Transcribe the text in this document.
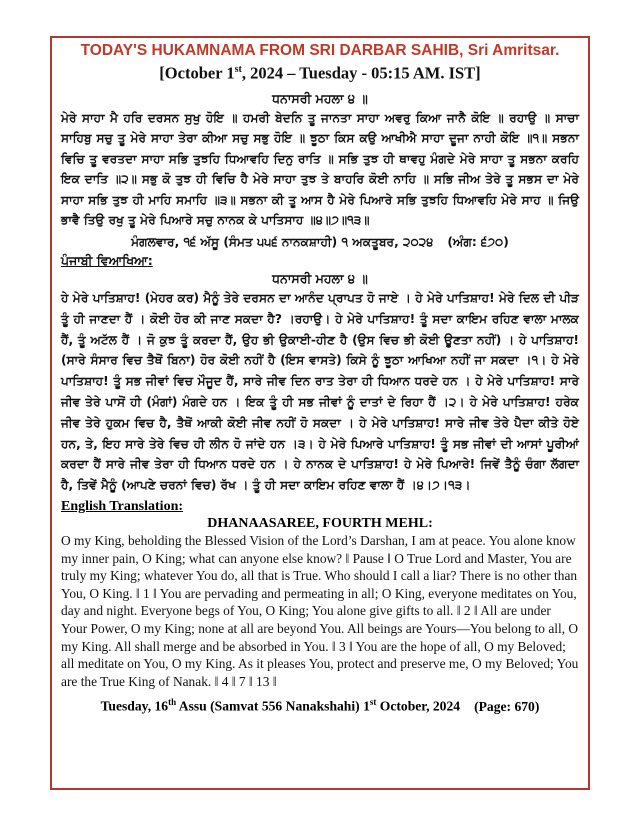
TODAY'S HUKAMNAMA FROM SRI DARBAR SAHIB, Sri Amritsar.

[October 1st, 2024 – Tuesday - 05:15 AM. IST]

ਧਨਾਸਰੀ ਮਹਲਾ ੪ ॥

ਮੇਰੇ ਸਾਹਾ ਮੈ ਹਰਿ ਦਰਸਨ ਸੁਖੁ ਹੋਇ ॥ ਹਮਰੀ ਬੇਦਨਿ ਤੂ ਜਾਨਤਾ ਸਾਹਾ ਅਵਰੁ ਕਿਆ ਜਾਨੈ ਕੋਇ ॥ ਰਹਾਉ ॥ ਸਾਚਾ ਸਾਹਿਬੁ ਸਚੁ ਤੂ ਮੇਰੇ ਸਾਹਾ ਤੇਰਾ ਕੀਆ ਸਚੁ ਸਭੁ ਹੋਇ ॥ ਝੂਠਾ ਕਿਸ ਕਉ ਆਖੀਐ ਸਾਹਾ ਦੂਜਾ ਨਾਹੀ ਕੋਇ ॥੧॥ ਸਭਨਾ ਵਿਚਿ ਤੂ ਵਰਤਦਾ ਸਾਹਾ ਸਭਿ ਤੁਝਹਿ ਧਿਆਵਹਿ ਦਿਨੁ ਰਾਤਿ ॥ ਸਭਿ ਤੁਝ ਹੀ ਥਾਵਹੁ ਮੰਗਦੇ ਮੇਰੇ ਸਾਹਾ ਤੂ ਸਭਨਾ ਕਰਹਿ ਇਕ ਦਾਤਿ ॥੨॥ ਸਭੁ ਕੋ ਤੁਝ ਹੀ ਵਿਚਿ ਹੈ ਮੇਰੇ ਸਾਹਾ ਤੁਝ ਤੇ ਬਾਹਰਿ ਕੋਈ ਨਾਹਿ ॥ ਸਭਿ ਜੀਅ ਤੇਰੇ ਤੂ ਸਭਸ ਦਾ ਮੇਰੇ ਸਾਹਾ ਸਭਿ ਤੁਝ ਹੀ ਮਾਹਿ ਸਮਾਹਿ ॥੩॥ ਸਭਨਾ ਕੀ ਤੂ ਆਸ ਹੈ ਮੇਰੇ ਪਿਆਰੇ ਸਭਿ ਤੁਝਹਿ ਧਿਆਵਹਿ ਮੇਰੇ ਸਾਹ ॥ ਜਿਉ ਭਾਵੈ ਤਿਉ ਰਖੁ ਤੂ ਮੇਰੇ ਪਿਆਰੇ ਸਚੁ ਨਾਨਕ ਕੇ ਪਾਤਿਸਾਹ ॥੪॥੭॥੧੩॥

ਮੰਗਲਵਾਰ, ੧੬ ਅੱਸੂ (ਸੰਮਤ ੫੫੬ ਨਾਨਕਸ਼ਾਹੀ) ੧ ਅਕਤੂਬਰ, ੨੦੨੪ (ਅੰਗ: ੬੭੦)

ਪੰਜਾਬੀ ਵਿਆਖਿਆ:

ਧਨਾਸਰੀ ਮਹਲਾ ੪ ॥

ਹੇ ਮੇਰੇ ਪਾਤਿਸ਼ਾਹ! (ਮੇਹਰ ਕਰ) ਮੈਨੂੰ ਤੇਰੇ ਦਰਸਨ ਦਾ ਆਨੰਦ ਪ੍ਰਾਪਤ ਹੋ ਜਾਏ । ਹੇ ਮੇਰੇ ਪਾਤਿਸ਼ਾਹ! ਮੇਰੇ ਦਿਲ ਦੀ ਪੀੜ ਤੂੰ ਹੀ ਜਾਣਦਾ ਹੈਂ । ਕੋਈ ਹੋਰ ਕੀ ਜਾਣ ਸਕਦਾ ਹੈ? ।ਰਹਾਉ। ਹੇ ਮੇਰੇ ਪਾਤਿਸ਼ਾਹ! ਤੂੰ ਸਦਾ ਕਾਇਮ ਰਹਿਣ ਵਾਲਾ ਮਾਲਕ ਹੈਂ, ਤੂੰ ਅਟੱਲ ਹੈਂ । ਜੋ ਕੁਝ ਤੂੰ ਕਰਦਾ ਹੈਂ, ਉਹ ਭੀ ਉਕਾਈ-ਹੀਣ ਹੈ (ਉਸ ਵਿਚ ਭੀ ਕੋਈ ਊਣਤਾ ਨਹੀਂ) । ਹੇ ਪਾਤਿਸ਼ਾਹ! (ਸਾਰੇ ਸੰਸਾਰ ਵਿਚ ਤੈਥੋਂ ਬਿਨਾ) ਹੋਰ ਕੋਈ ਨਹੀਂ ਹੈ (ਇਸ ਵਾਸਤੇ) ਕਿਸੇ ਨੂੰ ਝੂਠਾ ਆਖਿਆ ਨਹੀਂ ਜਾ ਸਕਦਾ ।੧। ਹੇ ਮੇਰੇ ਪਾਤਿਸ਼ਾਹ! ਤੂੰ ਸਭ ਜੀਵਾਂ ਵਿਚ ਮੌਜੂਦ ਹੈਂ, ਸਾਰੇ ਜੀਵ ਦਿਨ ਰਾਤ ਤੇਰਾ ਹੀ ਧਿਆਨ ਧਰਦੇ ਹਨ । ਹੇ ਮੇਰੇ ਪਾਤਿਸ਼ਾਹ! ਸਾਰੇ ਜੀਵ ਤੇਰੇ ਪਾਸੋਂ ਹੀ (ਮੰਗਾਂ) ਮੰਗਦੇ ਹਨ । ਇਕ ਤੂੰ ਹੀ ਸਭ ਜੀਵਾਂ ਨੂੰ ਦਾਤਾਂ ਦੇ ਰਿਹਾ ਹੈਂ ।੨। ਹੇ ਮੇਰੇ ਪਾਤਿਸ਼ਾਹ! ਹਰੇਕ ਜੀਵ ਤੇਰੇ ਹੁਕਮ ਵਿਚ ਹੈ, ਤੈਥੋਂ ਆਕੀ ਕੋਈ ਜੀਵ ਨਹੀਂ ਹੋ ਸਕਦਾ । ਹੇ ਮੇਰੇ ਪਾਤਿਸ਼ਾਹ! ਸਾਰੇ ਜੀਵ ਤੇਰੇ ਪੈਦਾ ਕੀਤੇ ਹੋਏ ਹਨ, ਤੇ, ਇਹ ਸਾਰੇ ਤੇਰੇ ਵਿਚ ਹੀ ਲੀਨ ਹੋ ਜਾਂਦੇ ਹਨ ।੩। ਹੇ ਮੇਰੇ ਪਿਆਰੇ ਪਾਤਿਸ਼ਾਹ! ਤੂੰ ਸਭ ਜੀਵਾਂ ਦੀ ਆਸਾਂ ਪੂਰੀਆਂ ਕਰਦਾ ਹੈਂ ਸਾਰੇ ਜੀਵ ਤੇਰਾ ਹੀ ਧਿਆਨ ਧਰਦੇ ਹਨ । ਹੇ ਨਾਨਕ ਦੇ ਪਾਤਿਸ਼ਾਹ! ਹੇ ਮੇਰੇ ਪਿਆਰੇ! ਜਿਵੇਂ ਤੈਨੂੰ ਚੰਗਾ ਲੱਗਦਾ ਹੈ, ਤਿਵੇਂ ਮੈਨੂੰ (ਆਪਣੇ ਚਰਨਾਂ ਵਿਚ) ਰੱਖ । ਤੂੰ ਹੀ ਸਦਾ ਕਾਇਮ ਰਹਿਣ ਵਾਲਾ ਹੈਂ ।੪।੭।੧੩।

English Translation:

DHANAASAREE, FOURTH MEHL:

O my King, beholding the Blessed Vision of the Lord’s Darshan, I am at peace. You alone know my inner pain, O King; what can anyone else know? ‖ Pause ‖ O True Lord and Master, You are truly my King; whatever You do, all that is True. Who should I call a liar? There is no other than You, O King. ‖ 1 ‖ You are pervading and permeating in all; O King, everyone meditates on You, day and night. Everyone begs of You, O King; You alone give gifts to all. ‖ 2 ‖ All are under Your Power, O my King; none at all are beyond You. All beings are Yours—You belong to all, O my King. All shall merge and be absorbed in You. ‖ 3 ‖ You are the hope of all, O my Beloved; all meditate on You, O my King. As it pleases You, protect and preserve me, O my Beloved; You are the True King of Nanak. ‖ 4 ‖ 7 ‖ 13 ‖

Tuesday, 16th Assu (Samvat 556 Nanakshahi) 1st October, 2024 (Page: 670)
